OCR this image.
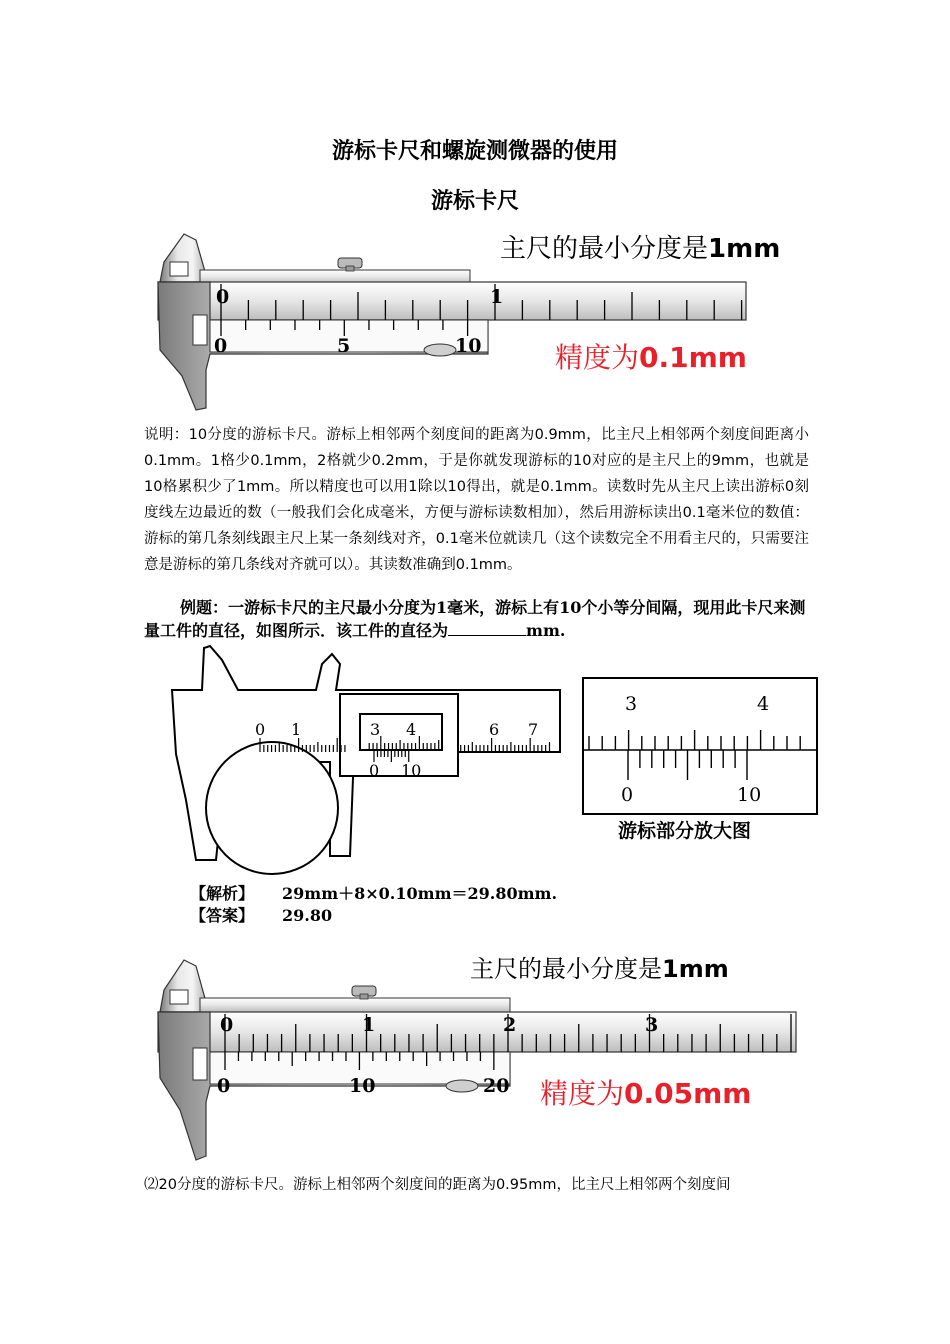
游标卡尺和螺旋测微器的使用
游标卡尺
0	1
0	5	10
主尺的最小分度是1mm
精度为0.1mm
0 1	3 4	6 7
0 10
3	4
0	10
游标部分放大图
0	1	2	3
0	10	20
主尺的最小分度是1mm
精度为0.05mm
说明：10分度的游标卡尺。游标上相邻两个刻度间的距离为0.9mm，比主尺上相邻两个刻度间距离小0.1mm。1格少0.1mm，2格就少0.2mm，于是你就发现游标的10对应的是主尺上的9mm，也就是10格累积少了1mm。所以精度也可以用1除以10得出，就是0.1mm。读数时先从主尺上读出游标0刻度线左边最近的数（一般我们会化成毫米，方便与游标读数相加），然后用游标读出0.1毫米位的数值：游标的第几条刻线跟主尺上某一条刻线对齐，0.1毫米位就读几（这个读数完全不用看主尺的，只需要注意是游标的第几条线对齐就可以）。其读数准确到0.1mm。
例题：一游标卡尺的主尺最小分度为1毫米，游标上有10个小等分间隔，现用此卡尺来测量工件的直径，如图所示．该工件的直径为	mm.
【解析】 29mm＋8×0.10mm＝29.80mm.
【答案】 29.80
⑵20分度的游标卡尺。游标上相邻两个刻度间的距离为0.95mm，比主尺上相邻两个刻度间
